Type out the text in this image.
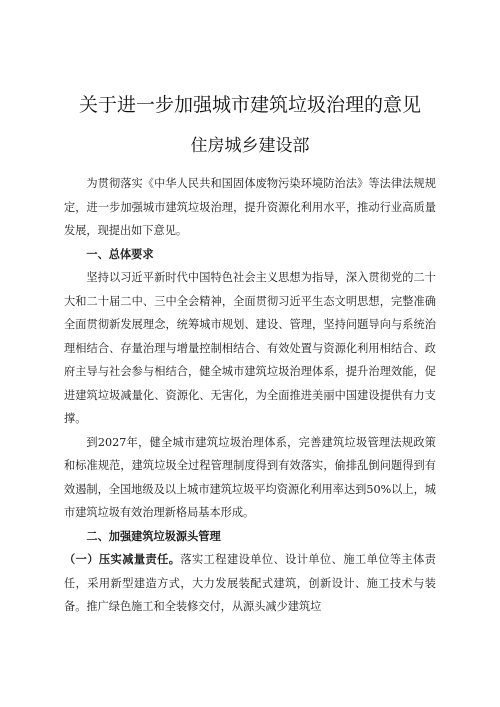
关于进一步加强城市建筑垃圾治理的意见
住房城乡建设部

为贯彻落实《中华人民共和国固体废物污染环境防治法》等法律法规规定，进一步加强城市建筑垃圾治理，提升资源化利用水平，推动行业高质量发展，现提出如下意见。

一、总体要求

坚持以习近平新时代中国特色社会主义思想为指导，深入贯彻党的二十大和二十届二中、三中全会精神，全面贯彻习近平生态文明思想，完整准确全面贯彻新发展理念，统筹城市规划、建设、管理，坚持问题导向与系统治理相结合、存量治理与增量控制相结合、有效处置与资源化利用相结合、政府主导与社会参与相结合，健全城市建筑垃圾治理体系，提升治理效能，促进建筑垃圾减量化、资源化、无害化，为全面推进美丽中国建设提供有力支撑。

到2027年，健全城市建筑垃圾治理体系，完善建筑垃圾管理法规政策和标准规范，建筑垃圾全过程管理制度得到有效落实，偷排乱倒问题得到有效遏制，全国地级及以上城市建筑垃圾平均资源化利用率达到50%以上，城市建筑垃圾有效治理新格局基本形成。

二、加强建筑垃圾源头管理

（一）压实减量责任。落实工程建设单位、设计单位、施工单位等主体责任，采用新型建造方式，大力发展装配式建筑，创新设计、施工技术与装备。推广绿色施工和全装修交付，从源头减少建筑垃
